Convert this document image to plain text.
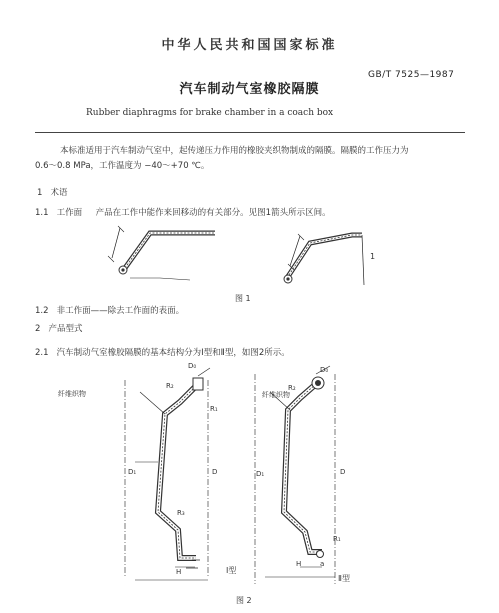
中华人民共和国国家标准
GB/T 7525—1987
汽车制动气室橡胶隔膜
Rubber diaphragms for brake chamber in a coach box
本标准适用于汽车制动气室中，起传递压力作用的橡胶夹织物制成的隔膜。隔膜的工作压力为
0.6～0.8 MPa，工作温度为 −40～+70 ℃。
1 术语
1.1 工作面 产品在工作中能作来回移动的有关部分。见图1箭头所示区间。
1
图 1
1.2 非工作面——除去工作面的表面。
2 产品型式
2.1 汽车制动气室橡胶隔膜的基本结构分为Ⅰ型和Ⅱ型，如图2所示。
纤维织物
D₀
R₂
R₁
D₁
R₃
H
D
Ⅰ型
纤维织物
D₀
R₂
D₁	D
R₁
H	a
Ⅱ型
图 2
